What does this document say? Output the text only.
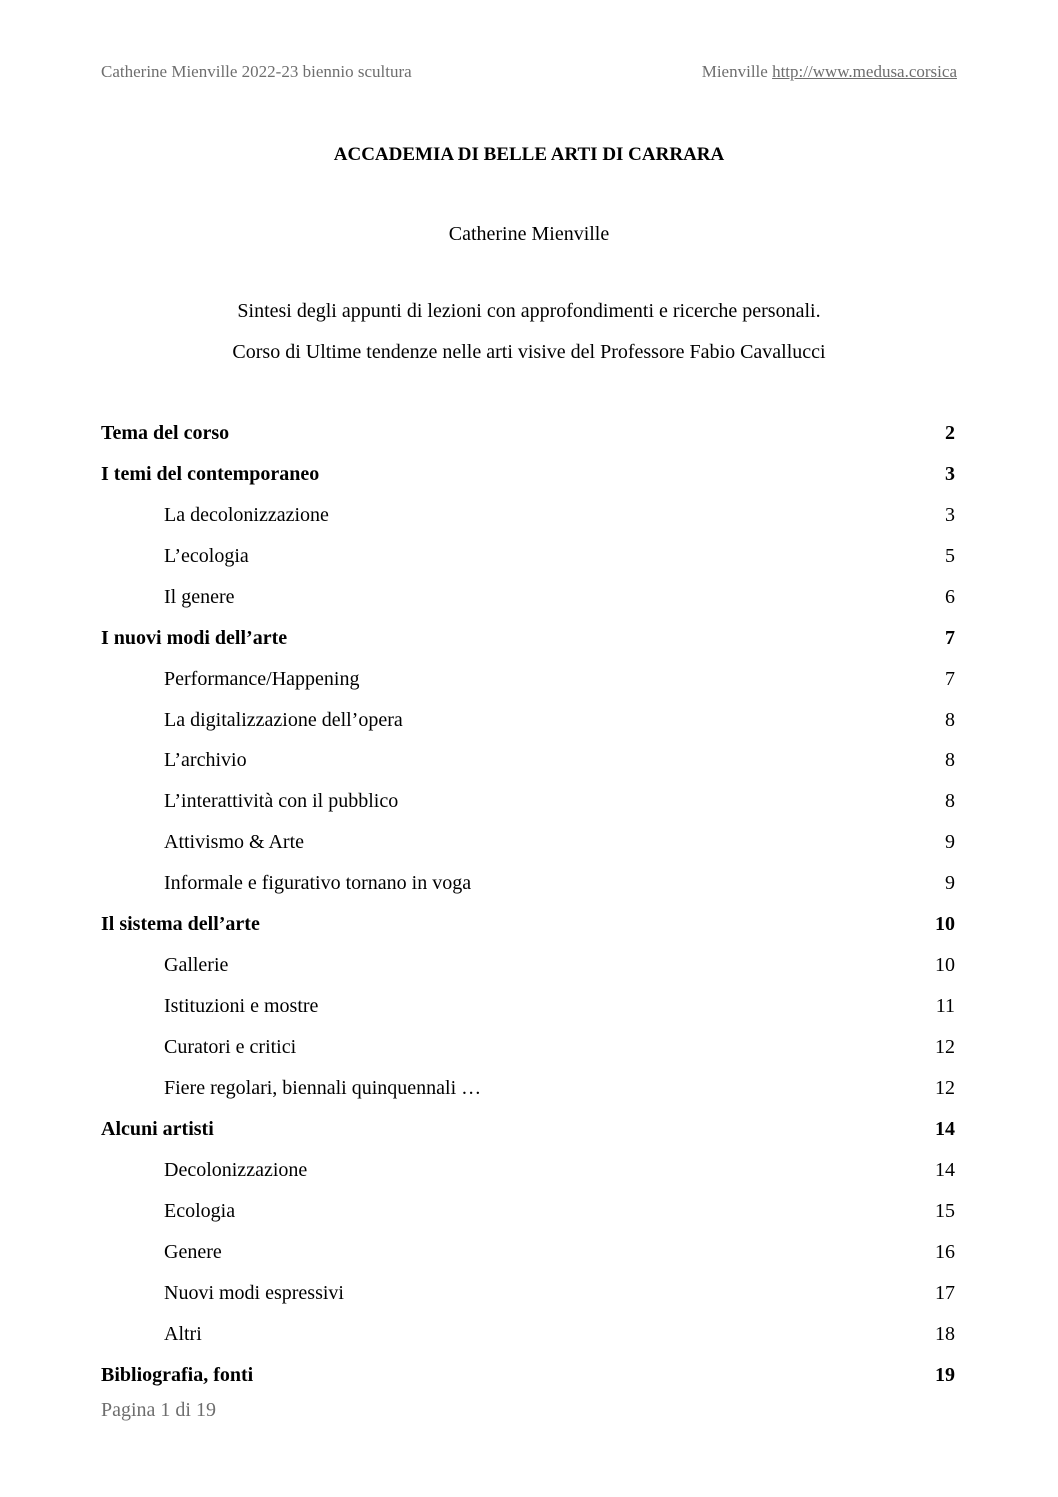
Catherine Mienville 2022-23 biennio scultura	Mienville http://www.medusa.corsica
ACCADEMIA DI BELLE ARTI DI CARRARA
Catherine Mienville
Sintesi degli appunti di lezioni con approfondimenti e ricerche personali.
Corso di Ultime tendenze nelle arti visive del Professore Fabio Cavallucci
Tema del corso	2
I temi del contemporaneo	3
La decolonizzazione	3
L’ecologia	5
Il genere	6
I nuovi modi dell’arte	7
Performance/Happening	7
La digitalizzazione dell’opera	8
L’archivio	8
L’interattività con il pubblico	8
Attivismo & Arte	9
Informale e figurativo tornano in voga	9
Il sistema dell’arte	10
Gallerie	10
Istituzioni e mostre	11
Curatori e critici	12
Fiere regolari, biennali quinquennali …	12
Alcuni artisti	14
Decolonizzazione	14
Ecologia	15
Genere	16
Nuovi modi espressivi	17
Altri	18
Bibliografia, fonti	19
Pagina 1 di 19
